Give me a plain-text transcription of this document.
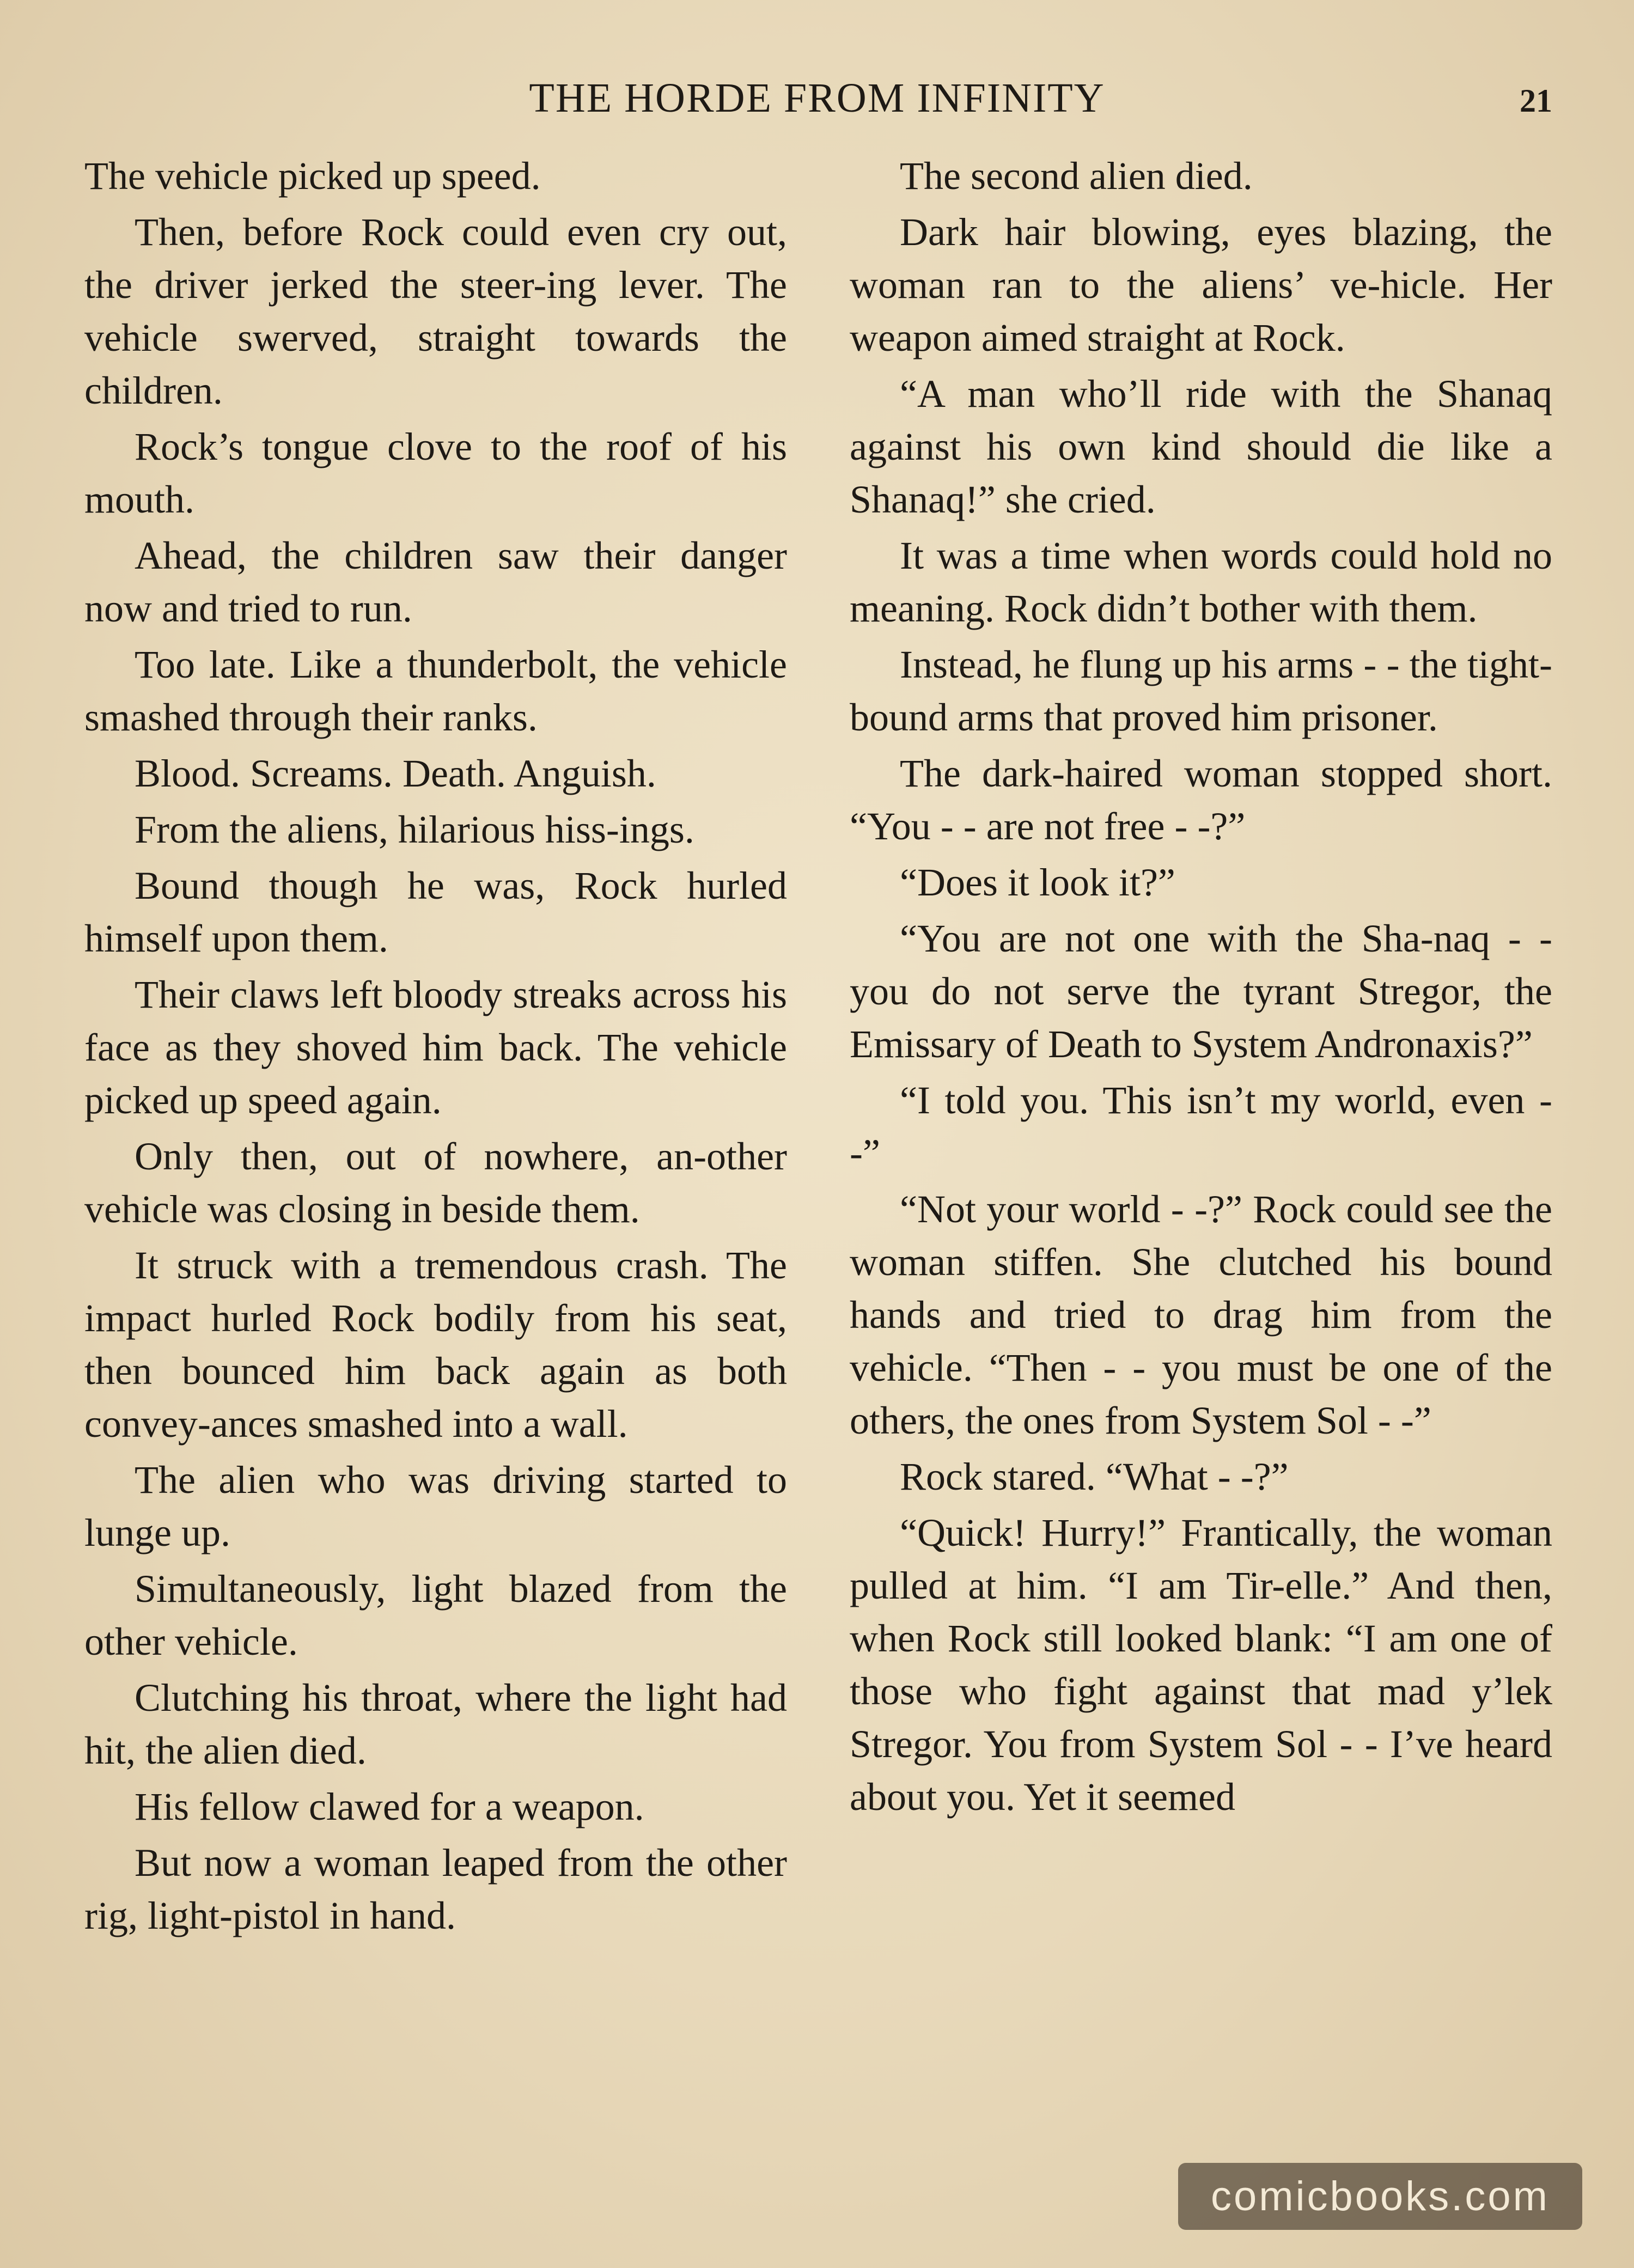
THE HORDE FROM INFINITY	21

The vehicle picked up speed.

Then, before Rock could even cry out, the driver jerked the steer-ing lever. The vehicle swerved, straight towards the children.

Rock’s tongue clove to the roof of his mouth.

Ahead, the children saw their danger now and tried to run.

Too late. Like a thunderbolt, the vehicle smashed through their ranks.

Blood. Screams. Death. Anguish.

From the aliens, hilarious hiss-ings.

Bound though he was, Rock hurled himself upon them.

Their claws left bloody streaks across his face as they shoved him back. The vehicle picked up speed again.

Only then, out of nowhere, an-other vehicle was closing in beside them.

It struck with a tremendous crash. The impact hurled Rock bodily from his seat, then bounced him back again as both convey-ances smashed into a wall.

The alien who was driving started to lunge up.

Simultaneously, light blazed from the other vehicle.

Clutching his throat, where the light had hit, the alien died.

His fellow clawed for a weapon.

But now a woman leaped from the other rig, light-pistol in hand.

The second alien died.

Dark hair blowing, eyes blazing, the woman ran to the aliens’ ve-hicle. Her weapon aimed straight at Rock.

“A man who’ll ride with the Shanaq against his own kind should die like a Shanaq!” she cried.

It was a time when words could hold no meaning. Rock didn’t bother with them.

Instead, he flung up his arms - - the tight-bound arms that proved him prisoner.

The dark-haired woman stopped short. “You - - are not free - -?”

“Does it look it?”

“You are not one with the Sha-naq - - you do not serve the tyrant Stregor, the Emissary of Death to System Andronaxis?”

“I told you. This isn’t my world, even - -”

“Not your world - -?” Rock could see the woman stiffen. She clutched his bound hands and tried to drag him from the vehicle. “Then - - you must be one of the others, the ones from System Sol - -”

Rock stared. “What - -?”

“Quick! Hurry!” Frantically, the woman pulled at him. “I am Tir-elle.” And then, when Rock still looked blank: “I am one of those who fight against that mad y’lek Stregor. You from System Sol - - I’ve heard about you. Yet it seemed

comicbooks.com
